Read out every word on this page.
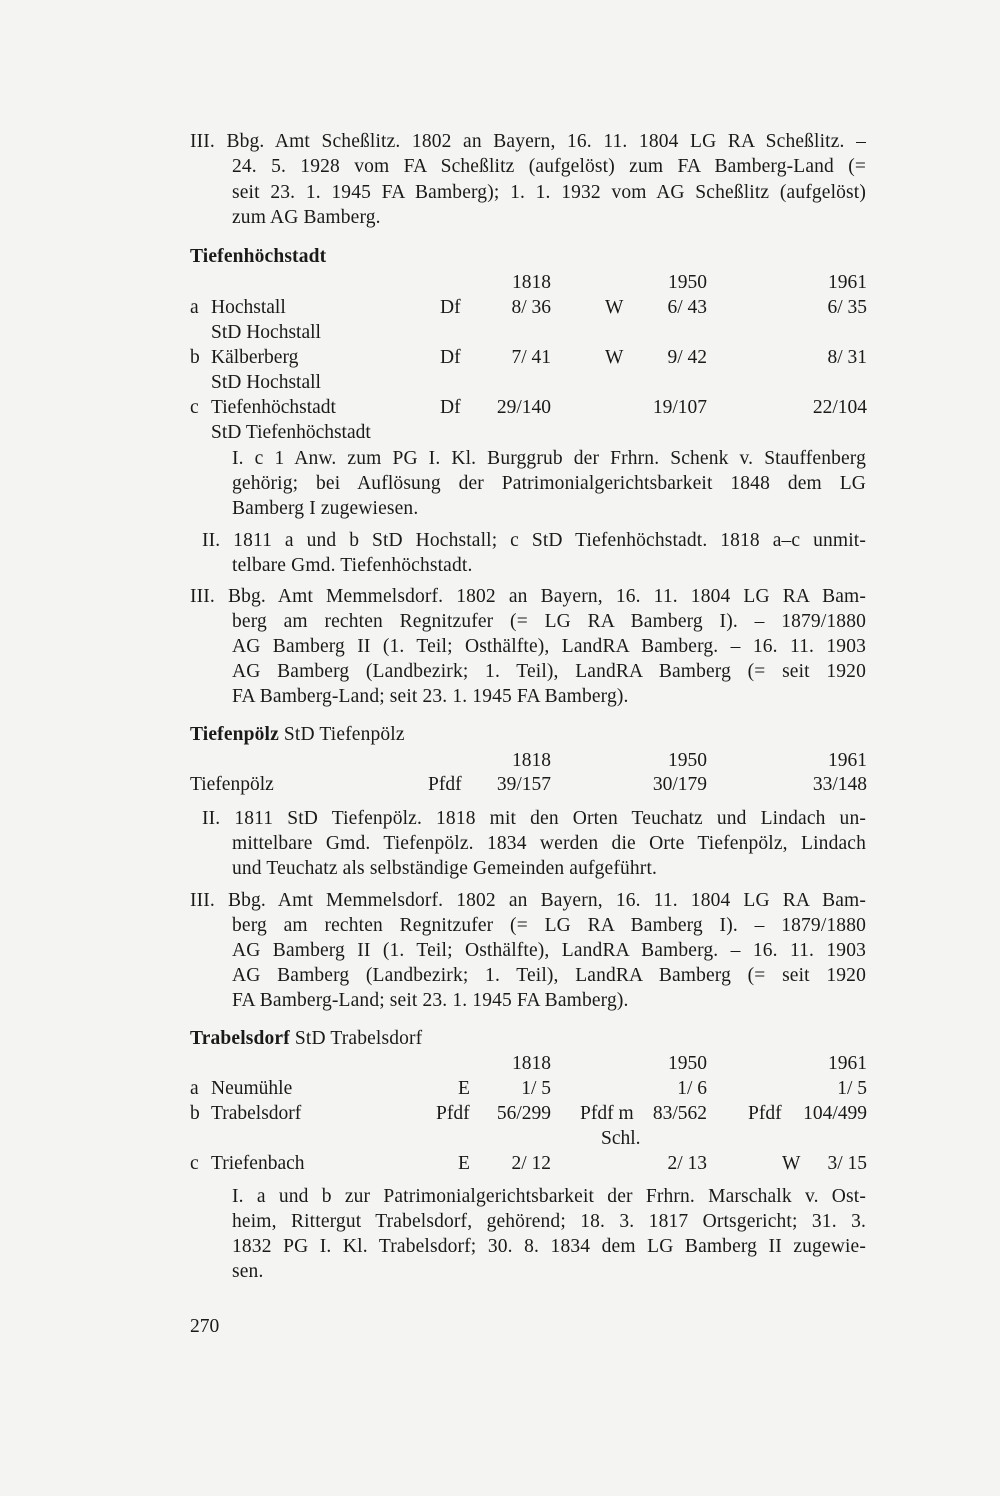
III. Bbg. Amt Scheßlitz. 1802 an Bayern, 16. 11. 1804 LG RA Scheßlitz. –
24. 5. 1928 vom FA Scheßlitz (aufgelöst) zum FA Bamberg-Land (=
seit 23. 1. 1945 FA Bamberg); 1. 1. 1932 vom AG Scheßlitz (aufgelöst)
zum AG Bamberg.
Tiefenhöchstadt
1818	1950	1961
a Hochstall	Df	8/ 36	W 6/ 43	6/ 35
StD Hochstall
b Kälberberg	Df	7/ 41	W 9/ 42	8/ 31
StD Hochstall
c Tiefenhöchstadt	Df 29/140	19/107	22/104
StD Tiefenhöchstadt
I. c 1 Anw. zum PG I. Kl. Burggrub der Frhrn. Schenk v. Stauffenberg
gehörig; bei Auflösung der Patrimonialgerichtsbarkeit 1848 dem LG
Bamberg I zugewiesen.
II. 1811 a und b StD Hochstall; c StD Tiefenhöchstadt. 1818 a–c unmit-
telbare Gmd. Tiefenhöchstadt.
III. Bbg. Amt Memmelsdorf. 1802 an Bayern, 16. 11. 1804 LG RA Bam-
berg am rechten Regnitzufer (= LG RA Bamberg I). – 1879/1880
AG Bamberg II (1. Teil; Osthälfte), LandRA Bamberg. – 16. 11. 1903
AG Bamberg (Landbezirk; 1. Teil), LandRA Bamberg (= seit 1920
FA Bamberg-Land; seit 23. 1. 1945 FA Bamberg).
Tiefenpölz StD Tiefenpölz
1818	1950	1961
Tiefenpölz	Pfdf 39/157	30/179	33/148
II. 1811 StD Tiefenpölz. 1818 mit den Orten Teuchatz und Lindach un-
mittelbare Gmd. Tiefenpölz. 1834 werden die Orte Tiefenpölz, Lindach
und Teuchatz als selbständige Gemeinden aufgeführt.
III. Bbg. Amt Memmelsdorf. 1802 an Bayern, 16. 11. 1804 LG RA Bam-
berg am rechten Regnitzufer (= LG RA Bamberg I). – 1879/1880
AG Bamberg II (1. Teil; Osthälfte), LandRA Bamberg. – 16. 11. 1903
AG Bamberg (Landbezirk; 1. Teil), LandRA Bamberg (= seit 1920
FA Bamberg-Land; seit 23. 1. 1945 FA Bamberg).
Trabelsdorf StD Trabelsdorf
1818	1950	1961
a Neumühle	E	1/ 5	1/ 6	1/ 5
b Trabelsdorf	Pfdf 56/299 Pfdf m 83/562 Pfdf 104/499
Schl.
c Triefenbach	E 2/ 12	2/ 13	W 3/ 15
I. a und b zur Patrimonialgerichtsbarkeit der Frhrn. Marschalk v. Ost-
heim, Rittergut Trabelsdorf, gehörend; 18. 3. 1817 Ortsgericht; 31. 3.
1832 PG I. Kl. Trabelsdorf; 30. 8. 1834 dem LG Bamberg II zugewie-
sen.
270
